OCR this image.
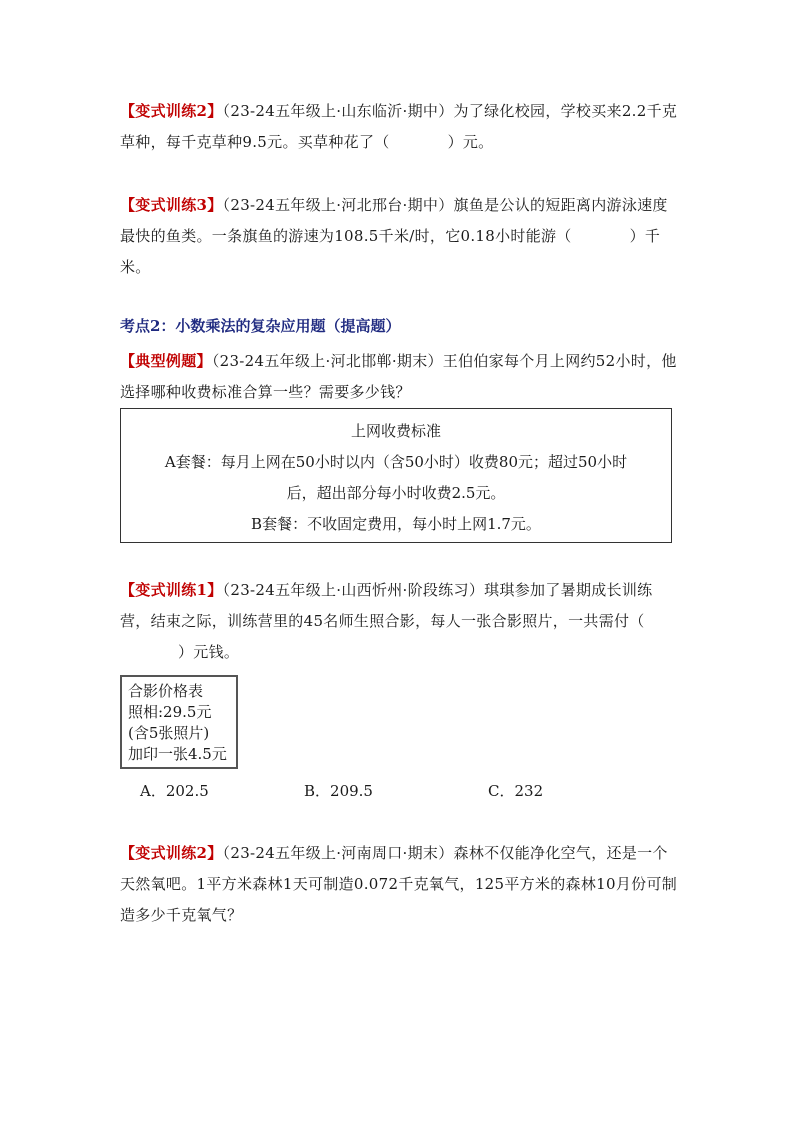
【变式训练2】（23-24五年级上·山东临沂·期中）为了绿化校园，学校买来2.2千克草种，每千克草种9.5元。买草种花了（	）元。

【变式训练3】（23-24五年级上·河北邢台·期中）旗鱼是公认的短距离内游泳速度最快的鱼类。一条旗鱼的游速为108.5千米/时，它0.18小时能游（	）千米。

考点2：小数乘法的复杂应用题（提高题）

【典型例题】（23-24五年级上·河北邯郸·期末）王伯伯家每个月上网约52小时，他选择哪种收费标准合算一些？需要多少钱？

上网收费标准
A套餐：每月上网在50小时以内（含50小时）收费80元；超过50小时
后，超出部分每小时收费2.5元。
B套餐：不收固定费用，每小时上网1.7元。

【变式训练1】（23-24五年级上·山西忻州·阶段练习）琪琪参加了暑期成长训练营，结束之际，训练营里的45名师生照合影，每人一张合影照片，一共需付（）元钱。

合影价格表
照相:29.5元
(含5张照片)
加印一张4.5元
A．202.5	B．209.5	C．232

【变式训练2】（23-24五年级上·河南周口·期末）森林不仅能净化空气，还是一个天然氧吧。1平方米森林1天可制造0.072千克氧气，125平方米的森林10月份可制造多少千克氧气？
